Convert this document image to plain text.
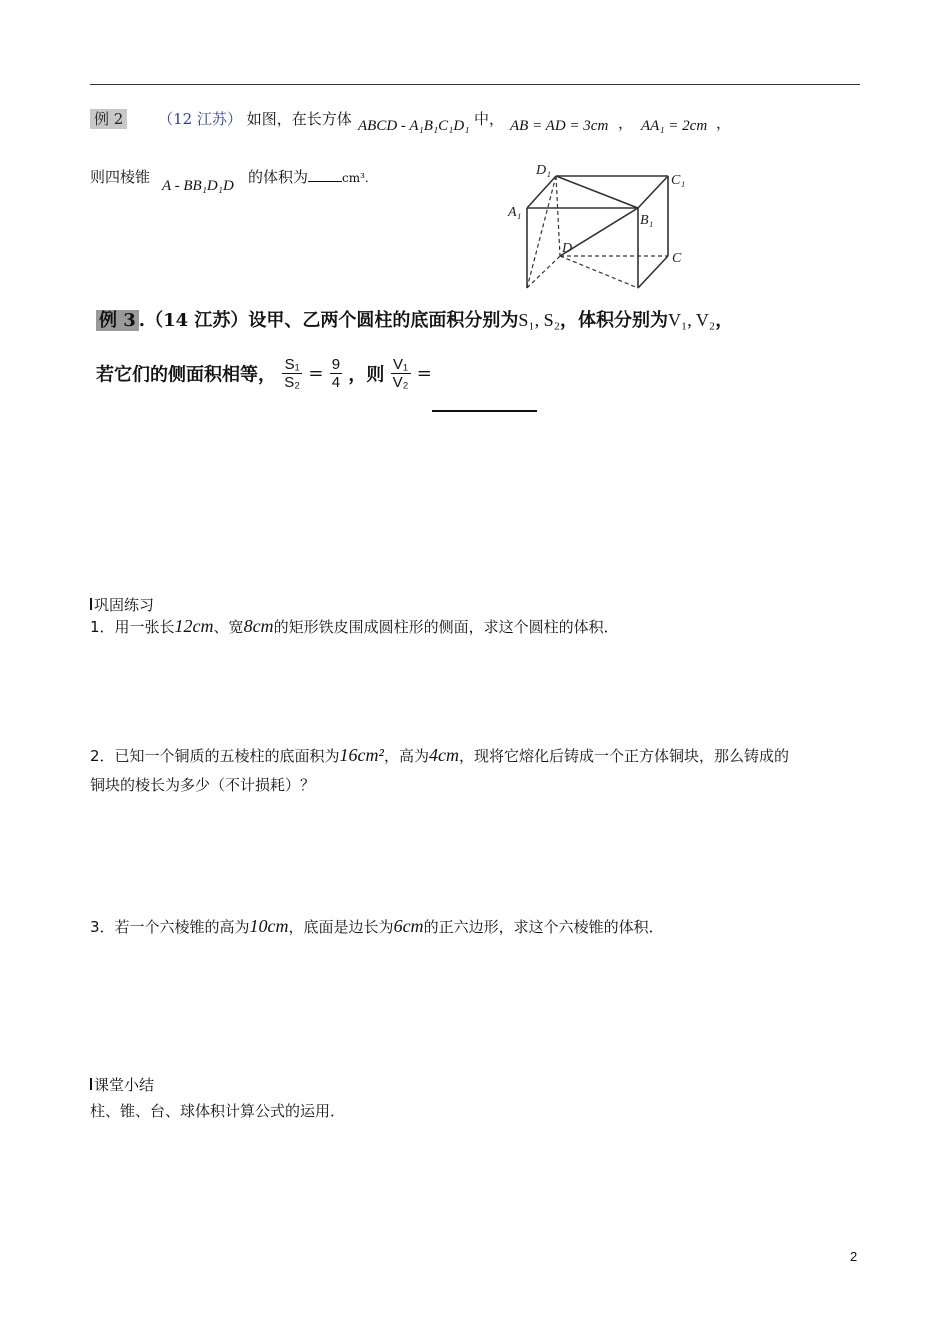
例 2 （12 江苏） 如图，在长方体 ABCD - A₁B₁C₁D₁ 中， AB = AD = 3cm ， AA₁ = 2cm ，
则四棱锥 A - BB₁D₁D 的体积为	cm³.	D₁
C₁
A₁
B₁
D
C
例 3 .（14 江苏）设甲、乙两个圆柱的底面积分别为S₁, S₂，体积分别为V₁, V₂，
若它们的侧面积相等， $\frac{\text{S₁}}{\text{S₂}} = \frac{9}{4}$ ，则 $\frac{\text{V₁}}{\text{V₂}}$ =
巩固练习
1．用一张长12cm、宽8cm的矩形铁皮围成圆柱形的侧面，求这个圆柱的体积．
2．已知一个铜质的五棱柱的底面积为16cm²，高为4cm，现将它熔化后铸成一个正方体铜块，那么铸成的
铜块的棱长为多少（不计损耗）？
3．若一个六棱锥的高为10cm，底面是边长为6cm的正六边形，求这个六棱锥的体积．
课堂小结
柱、锥、台、球体积计算公式的运用．
2
